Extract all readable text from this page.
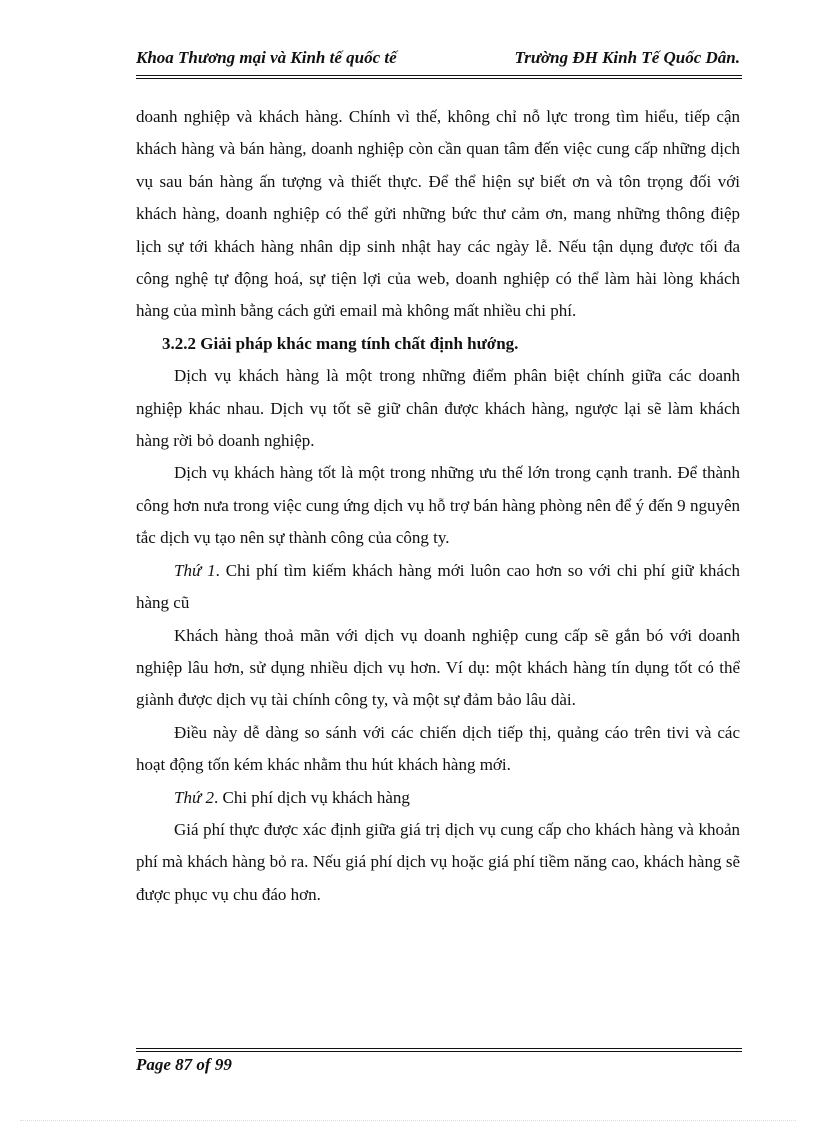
Khoa Thương mại và Kinh tế quốc tế	Trường ĐH Kinh Tế Quốc Dân.

doanh nghiệp và khách hàng. Chính vì thế, không chỉ nỗ lực trong tìm hiểu, tiếp cận khách hàng và bán hàng, doanh nghiệp còn cần quan tâm đến việc cung cấp những dịch vụ sau bán hàng ấn tượng và thiết thực. Để thể hiện sự biết ơn và tôn trọng đối với khách hàng, doanh nghiệp có thể gửi những bức thư cảm ơn, mang những thông điệp lịch sự tới khách hàng nhân dịp sinh nhật hay các ngày lễ. Nếu tận dụng được tối đa công nghệ tự động hoá, sự tiện lợi của web, doanh nghiệp có thể làm hài lòng khách hàng của mình bằng cách gửi email mà không mất nhiều chi phí.

3.2.2 Giải pháp khác mang tính chất định hướng.

Dịch vụ khách hàng là một trong những điểm phân biệt chính giữa các doanh nghiệp khác nhau. Dịch vụ tốt sẽ giữ chân được khách hàng, ngược lại sẽ làm khách hàng rời bỏ doanh nghiệp.

Dịch vụ khách hàng tốt là một trong những ưu thế lớn trong cạnh tranh. Để thành công hơn nưa trong việc cung ứng dịch vụ hỗ trợ bán hàng phòng nên để ý đến 9 nguyên tắc dịch vụ tạo nên sự thành công của công ty.

Thứ 1. Chi phí tìm kiếm khách hàng mới luôn cao hơn so với chi phí giữ khách hàng cũ

Khách hàng thoả mãn với dịch vụ doanh nghiệp cung cấp sẽ gắn bó với doanh nghiệp lâu hơn, sử dụng nhiều dịch vụ hơn. Ví dụ: một khách hàng tín dụng tốt có thể giành được dịch vụ tài chính công ty, và một sự đảm bảo lâu dài.

Điều này dễ dàng so sánh với các chiến dịch tiếp thị, quảng cáo trên tivi và các hoạt động tốn kém khác nhằm thu hút khách hàng mới.

Thứ 2. Chi phí dịch vụ khách hàng

Giá phí thực được xác định giữa giá trị dịch vụ cung cấp cho khách hàng và khoản phí mà khách hàng bỏ ra. Nếu giá phí dịch vụ hoặc giá phí tiềm năng cao, khách hàng sẽ được phục vụ chu đáo hơn.

Page 87 of 99
